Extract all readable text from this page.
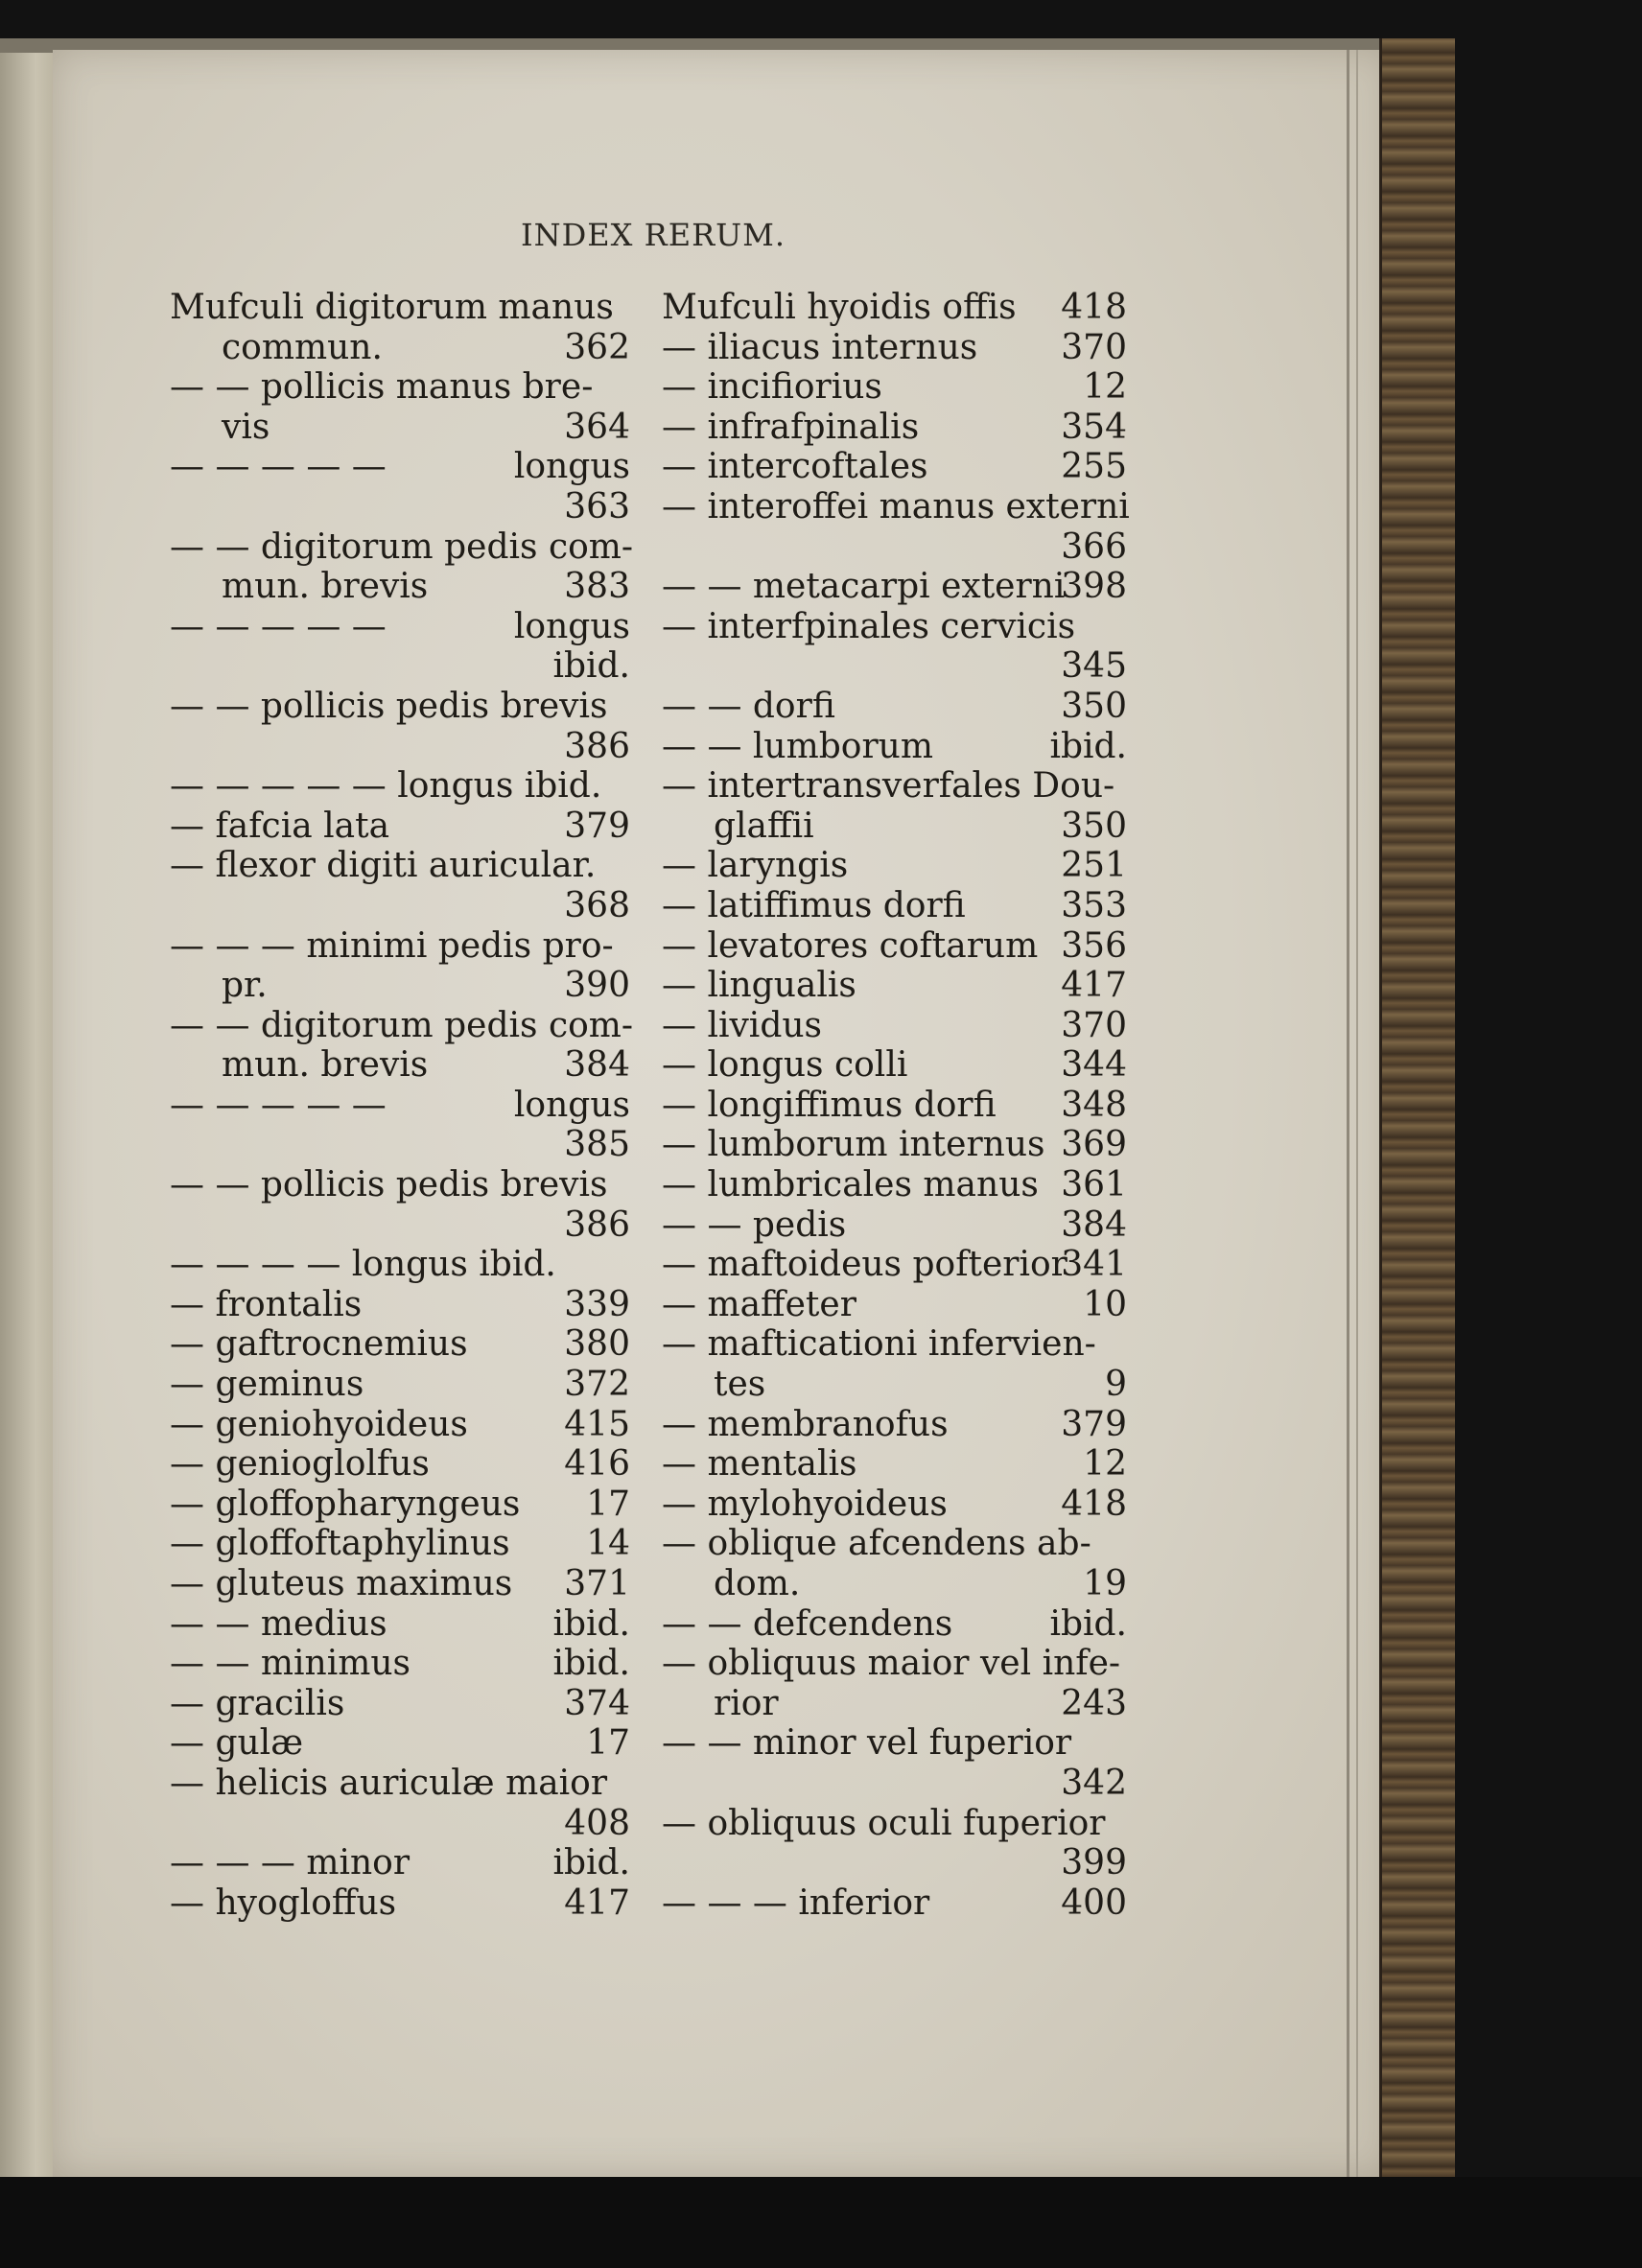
INDEX RERUM.
Mufculi digitorum manus
  commun.	362
— — pollicis manus bre-
  vis	364
— — — — —	longus
363
— — digitorum pedis com-
  mun. brevis	383
— — — — —	longus
ibid.
— — pollicis pedis brevis
386
— — — — — longus ibid.
— fafcia lata	379
— flexor digiti auricular.
368
— — — minimi pedis pro-
  pr.	390
— — digitorum pedis com-
  mun. brevis	384
— — — — —	longus
385
— — pollicis pedis brevis
386
— — — — longus ibid.
— frontalis	339
— gaftrocnemius	380
— geminus	372
— geniohyoideus	415
— genioglolfus	416
— gloffopharyngeus 17
— gloffoftaphylinus 14
— gluteus maximus 371
— — medius	ibid.
— — minimus	ibid.
— gracilis	374
— gulæ	17
— helicis auriculæ maior
408
— — — minor	ibid.
— hyogloffus	417
Mufculi hyoidis offis 418
— iliacus internus 370
— incifiorius	12
— infrafpinalis	354
— intercoftales	255
— interoffei manus externi
366
— — metacarpi externi
398
— interfpinales cervicis
345
— — dorfi	350
— — lumborum	ibid.
— intertransverfales Dou-
  glaffii	350
— laryngis	251
— latiffimus dorfi	353
— levatores coftarum 356
— lingualis	417
— lividus	370
— longus colli	344
— longiffimus dorfi 348
— lumborum internus 369
— lumbricales manus 361
— — pedis	384
— maftoideus pofterior
341
— maffeter	10
— mafticationi infervien-
  tes	9
— membranofus	379
— mentalis	12
— mylohyoideus	418
— oblique afcendens ab-
  dom.	19
— — defcendens	ibid.
— obliquus maior vel infe-
  rior	243
— — minor vel fuperior
342
— obliquus oculi fuperior
399
— — — inferior	400
